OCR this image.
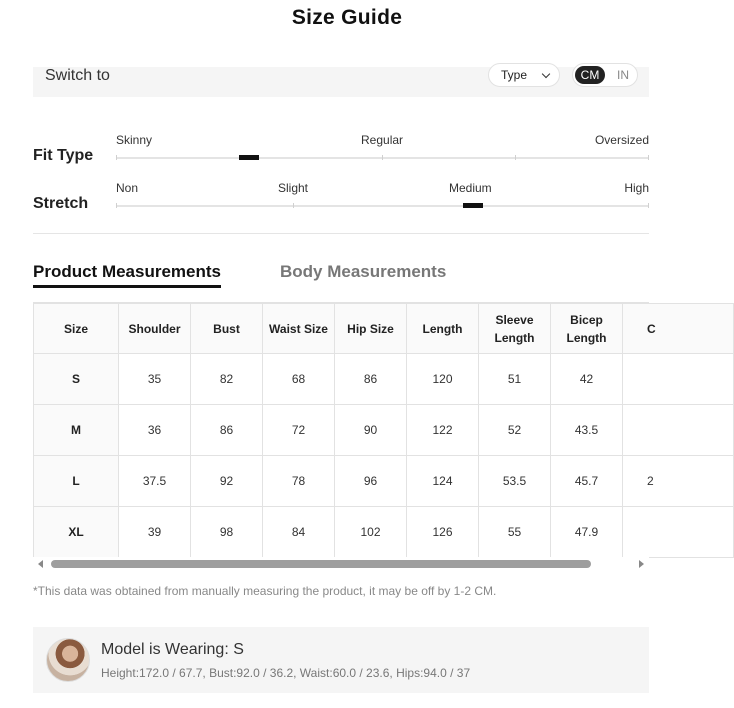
Size Guide
Switch to	Type	CM	IN
Fit Type
Skinny	Regular	Oversized
Stretch
Non	Slight	Medium	High
Product Measurements	Body Measurements
Size	Shoulder	Bust	Waist Size	Hip Size	Length	Sleeve Length	Bicep Length	C
S	35	82	68	86	120	51	42	
M	36	86	72	90	122	52	43.5	
L	37.5	92	78	96	124	53.5	45.7	2
XL	39	98	84	102	126	55	47.9	
*This data was obtained from manually measuring the product, it may be off by 1-2 CM.
Model is Wearing: S
Height:172.0 / 67.7, Bust:92.0 / 36.2, Waist:60.0 / 23.6, Hips:94.0 / 37
